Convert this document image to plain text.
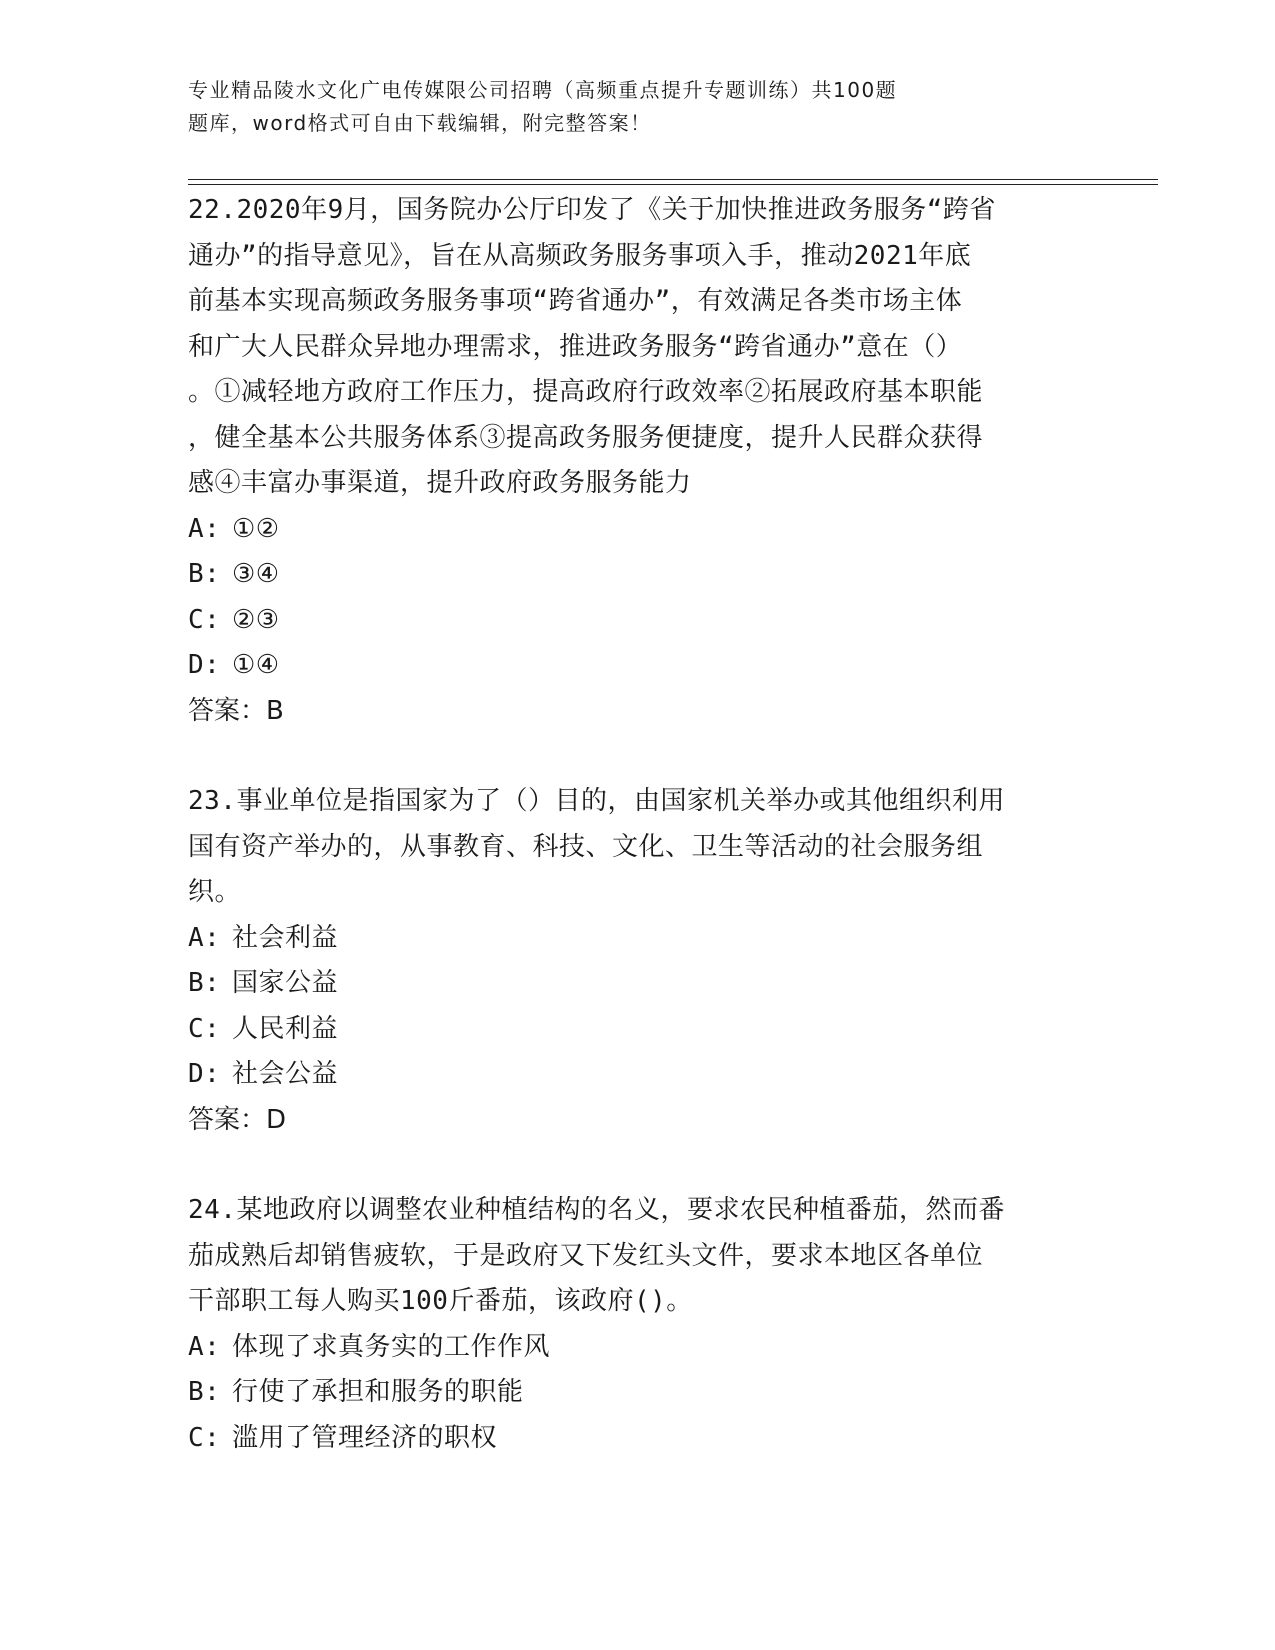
专业精品陵水文化广电传媒限公司招聘（高频重点提升专题训练）共100题
题库，word格式可自由下载编辑，附完整答案！
22.2020年9月，国务院办公厅印发了《关于加快推进政务服务“跨省
通办”的指导意见》，旨在从高频政务服务事项入手，推动2021年底
前基本实现高频政务服务事项“跨省通办”，有效满足各类市场主体
和广大人民群众异地办理需求，推进政务服务“跨省通办”意在（）
。①减轻地方政府工作压力，提高政府行政效率②拓展政府基本职能
，健全基本公共服务体系③提高政务服务便捷度，提升人民群众获得
感④丰富办事渠道，提升政府政务服务能力
A: ①②
B: ③④
C: ②③
D: ①④
答案：B
23.事业单位是指国家为了（）目的，由国家机关举办或其他组织利用
国有资产举办的，从事教育、科技、文化、卫生等活动的社会服务组
织。
A: 社会利益
B: 国家公益
C: 人民利益
D: 社会公益
答案：D
24.某地政府以调整农业种植结构的名义，要求农民种植番茄，然而番
茄成熟后却销售疲软，于是政府又下发红头文件，要求本地区各单位
干部职工每人购买100斤番茄，该政府()。
A: 体现了求真务实的工作作风
B: 行使了承担和服务的职能
C: 滥用了管理经济的职权
